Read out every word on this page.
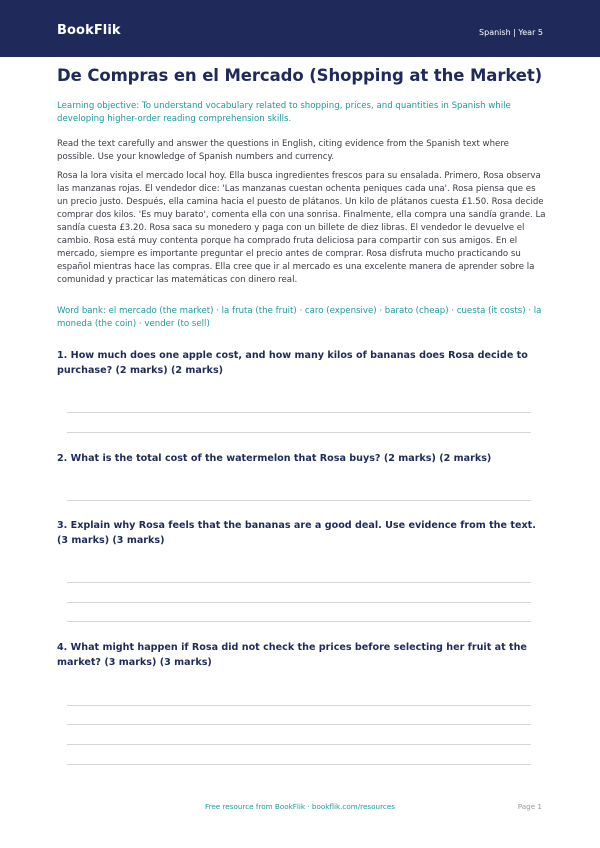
BookFlik	Spanish | Year 5
De Compras en el Mercado (Shopping at the Market)

Learning objective: To understand vocabulary related to shopping, prices, and quantities in Spanish while developing higher-order reading comprehension skills.

Read the text carefully and answer the questions in English, citing evidence from the Spanish text where possible. Use your knowledge of Spanish numbers and currency.

Rosa la lora visita el mercado local hoy. Ella busca ingredientes frescos para su ensalada. Primero, Rosa observa las manzanas rojas. El vendedor dice: 'Las manzanas cuestan ochenta peniques cada una'. Rosa piensa que es un precio justo. Después, ella camina hacia el puesto de plátanos. Un kilo de plátanos cuesta £1.50. Rosa decide comprar dos kilos. 'Es muy barato', comenta ella con una sonrisa. Finalmente, ella compra una sandía grande. La sandía cuesta £3.20. Rosa saca su monedero y paga con un billete de diez libras. El vendedor le devuelve el cambio. Rosa está muy contenta porque ha comprado fruta deliciosa para compartir con sus amigos. En el mercado, siempre es importante preguntar el precio antes de comprar. Rosa disfruta mucho practicando su español mientras hace las compras. Ella cree que ir al mercado es una excelente manera de aprender sobre la comunidad y practicar las matemáticas con dinero real.

Word bank: el mercado (the market) · la fruta (the fruit) · caro (expensive) · barato (cheap) · cuesta (it costs) · la moneda (the coin) · vender (to sell)

1. How much does one apple cost, and how many kilos of bananas does Rosa decide to purchase? (2 marks) (2 marks)

2. What is the total cost of the watermelon that Rosa buys? (2 marks) (2 marks)

3. Explain why Rosa feels that the bananas are a good deal. Use evidence from the text. (3 marks) (3 marks)

4. What might happen if Rosa did not check the prices before selecting her fruit at the market? (3 marks) (3 marks)

Free resource from BookFlik · bookflik.com/resources	Page 1
